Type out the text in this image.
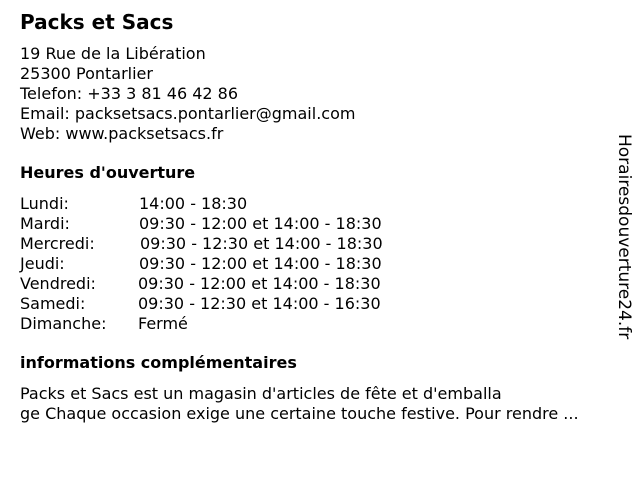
Packs et Sacs
19 Rue de la Libération
25300 Pontarlier
Telefon: +33 3 81 46 42 86
Email: packsetsacs.pontarlier@gmail.com
Web: www.packsetsacs.fr
Heures d'ouverture
Lundi:	14:00 - 18:30
Mardi:	09:30 - 12:00 et 14:00 - 18:30
Mercredi:	09:30 - 12:30 et 14:00 - 18:30
Jeudi:	09:30 - 12:00 et 14:00 - 18:30
Vendredi:	09:30 - 12:00 et 14:00 - 18:30
Samedi:	09:30 - 12:30 et 14:00 - 16:30
Dimanche: Fermé
informations complémentaires
Packs et Sacs est un magasin d'articles de fête et d'emballa
ge Chaque occasion exige une certaine touche festive. Pour rendre ...
Horairesdouverture24.fr
